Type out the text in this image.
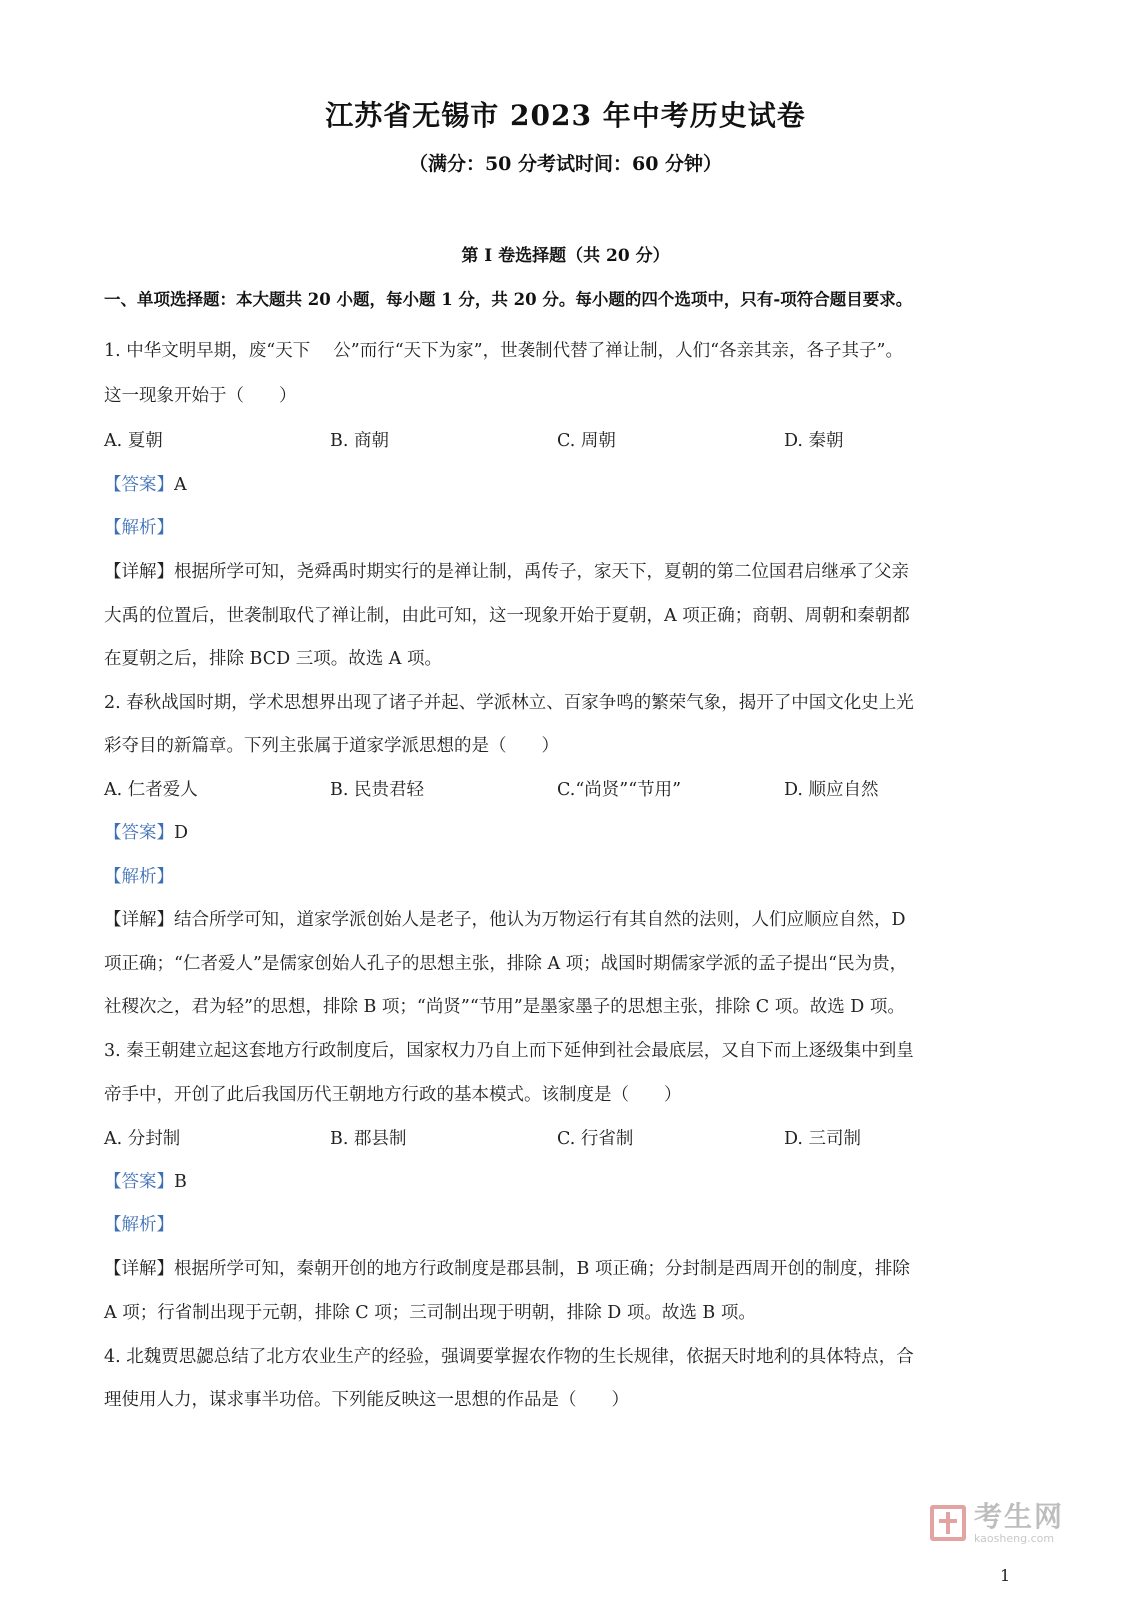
江苏省无锡市 2023 年中考历史试卷
（满分：50 分考试时间：60 分钟）
第 I 卷选择题（共 20 分）
一、单项选择题：本大题共 20 小题，每小题 1 分，共 20 分。每小题的四个选项中，只有-项符合题目要求。
1. 中华文明早期，废“天下　 公”而行“天下为家”，世袭制代替了禅让制，人们“各亲其亲，各子其子”。
这一现象开始于（　　）
A. 夏朝	B. 商朝	C. 周朝	D. 秦朝
【答案】A
【解析】
【详解】根据所学可知，尧舜禹时期实行的是禅让制，禹传子，家天下，夏朝的第二位国君启继承了父亲
大禹的位置后，世袭制取代了禅让制，由此可知，这一现象开始于夏朝，A 项正确；商朝、周朝和秦朝都
在夏朝之后，排除 BCD 三项。故选 A 项。
2. 春秋战国时期，学术思想界出现了诸子并起、学派林立、百家争鸣的繁荣气象，揭开了中国文化史上光
彩夺目的新篇章。下列主张属于道家学派思想的是（　　）
A. 仁者爱人	B. 民贵君轻	C.“尚贤”“节用”	D. 顺应自然
【答案】D
【解析】
【详解】结合所学可知，道家学派创始人是老子，他认为万物运行有其自然的法则，人们应顺应自然，D
项正确；“仁者爱人”是儒家创始人孔子的思想主张，排除 A 项；战国时期儒家学派的孟子提出“民为贵，
社稷次之，君为轻”的思想，排除 B 项；“尚贤”“节用”是墨家墨子的思想主张，排除 C 项。故选 D 项。
3. 秦王朝建立起这套地方行政制度后，国家权力乃自上而下延伸到社会最底层，又自下而上逐级集中到皇
帝手中，开创了此后我国历代王朝地方行政的基本模式。该制度是（　　）
A. 分封制	B. 郡县制	C. 行省制	D. 三司制
【答案】B
【解析】
【详解】根据所学可知，秦朝开创的地方行政制度是郡县制，B 项正确；分封制是西周开创的制度，排除
A 项；行省制出现于元朝，排除 C 项；三司制出现于明朝，排除 D 项。故选 B 项。
4. 北魏贾思勰总结了北方农业生产的经验，强调要掌握农作物的生长规律，依据天时地利的具体特点，合
理使用人力，谋求事半功倍。下列能反映这一思想的作品是（　　）
考生网
kaosheng.com
1
